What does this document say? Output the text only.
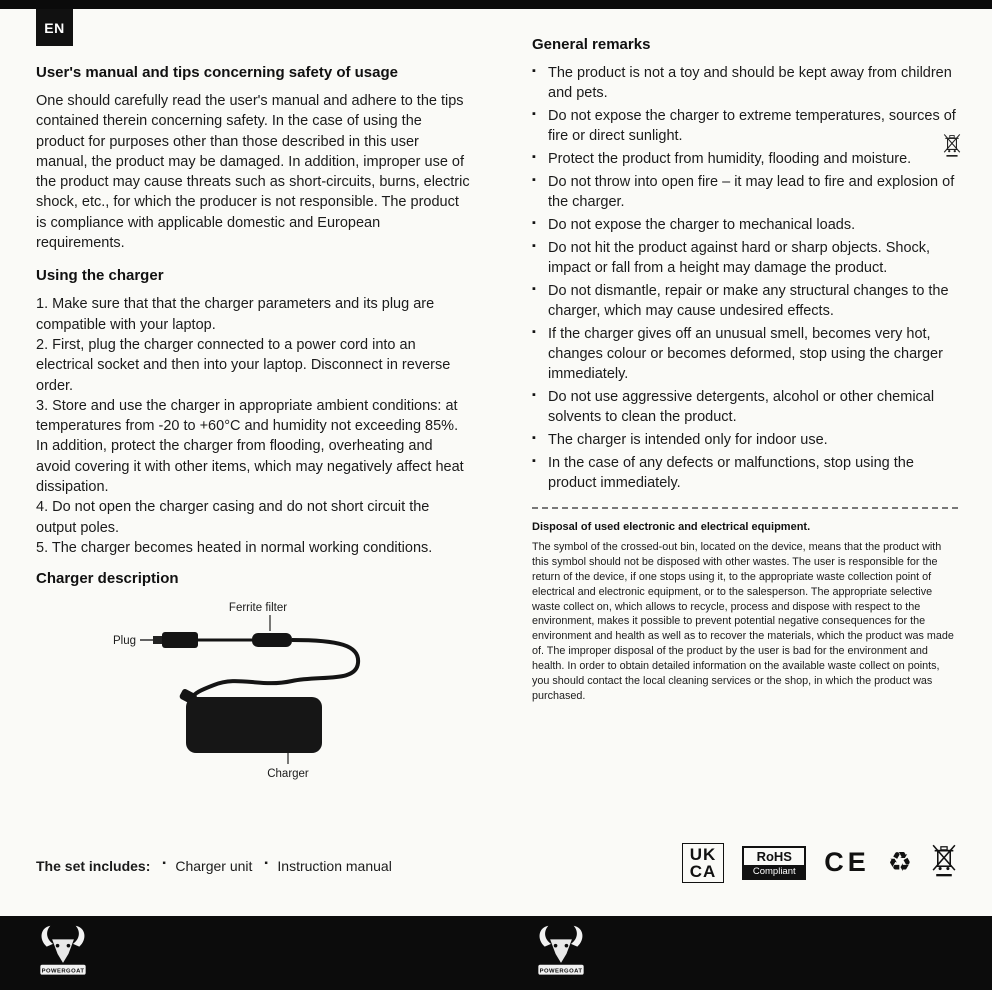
EN

User's manual and tips concerning safety of usage

One should carefully read the user's manual and adhere to the tips contained therein concerning safety. In the case of using the product for purposes other than those described in this user manual, the product may be damaged. In addition, improper use of the product may cause threats such as short-circuits, burns, electric shock, etc., for which the producer is not responsible. The product is compliance with applicable domestic and European requirements.

Using the charger

1. Make sure that that the charger parameters and its plug are compatible with your laptop.

2. First, plug the charger connected to a power cord into an electrical socket and then into your laptop. Disconnect in reverse order.

3. Store and use the charger in appropriate ambient conditions: at temperatures from -20 to +60°C and humidity not exceeding 85%. In addition, protect the charger from flooding, overheating and avoid covering it with other items, which may negatively affect heat dissipation.

4. Do not open the charger casing and do not short circuit the output poles.

5. The charger becomes heated in normal working conditions.

Charger description

Ferrite filter
Plug
Charger
The set includes:	▪ Charger unit	▪ Instruction manual

General remarks

▪ The product is not a toy and should be kept away from children and pets.
▪ Do not expose the charger to extreme temperatures, sources of fire or direct sunlight.
▪ Protect the product from humidity, flooding and moisture.
▪ Do not throw into open fire – it may lead to fire and explosion of the charger.
▪ Do not expose the charger to mechanical loads.
▪ Do not hit the product against hard or sharp objects. Shock, impact or fall from a height may damage the product.
▪ Do not dismantle, repair or make any structural changes to the charger, which may cause undesired effects.
▪ If the charger gives off an unusual smell, becomes very hot, changes colour or becomes deformed, stop using the charger immediately.
▪ Do not use aggressive detergents, alcohol or other chemical solvents to clean the product.
▪ The charger is intended only for indoor use.
▪ In the case of any defects or malfunctions, stop using the product immediately.

Disposal of used electronic and electrical equipment.

The symbol of the crossed-out bin, located on the device, means that the product with this symbol should not be disposed with other wastes. The user is responsible for the return of the device, if one stops using it, to the appropriate waste collection point of electrical and electronic equipment, or to the salesperson. The appropriate selective waste collect on, which allows to recycle, process and dispose with respect to the environment, makes it possible to prevent potential negative consequences for the environment and health as well as to recover the materials, which the product was made of. The improper disposal of the product by the user is bad for the environment and health. In order to obtain detailed information on the available waste collect on points, you should contact the local cleaning services or the shop, in which the product was purchased.

UK
CA
RoHS
Compliant	CE ♻
POWERGOAT	POWERGOAT
